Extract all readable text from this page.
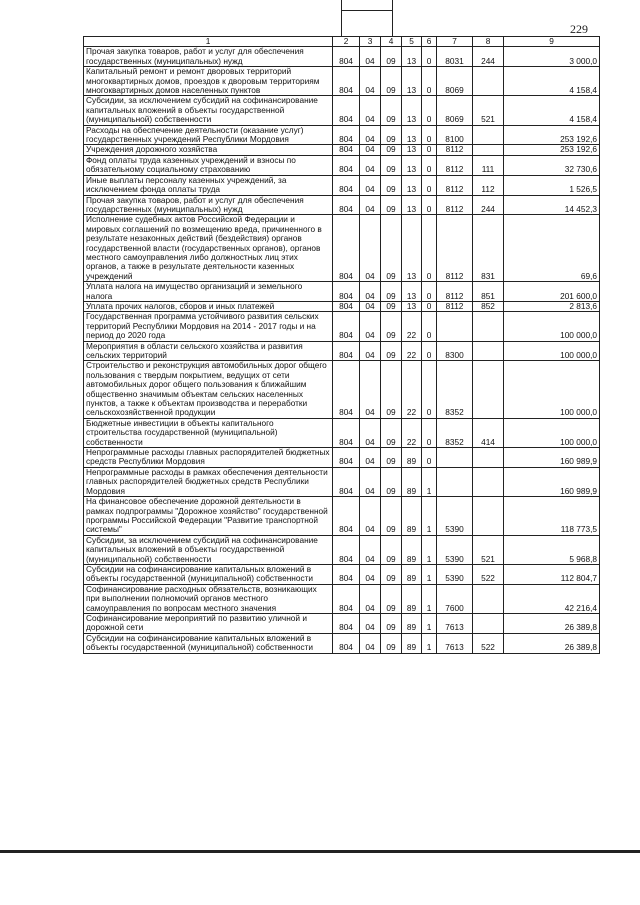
229
1	2	3	4	5	6	7	8	9
Прочая закупка товаров, работ и услуг для обеспечения государственных (муниципальных) нужд	804	04	09	13	0	8031	244	3 000,0
Капитальный ремонт и ремонт дворовых территорий многоквартирных домов, проездов к дворовым территориям многоквартирных домов населенных пунктов	804	04	09	13	0	8069		4 158,4
Субсидии, за исключением субсидий на софинансирование капитальных вложений в объекты государственной (муниципальной) собственности	804	04	09	13	0	8069	521	4 158,4
Расходы на обеспечение деятельности (оказание услуг) государственных учреждений Республики Мордовия	804	04	09	13	0	8100		253 192,6
Учреждения дорожного хозяйства	804	04	09	13	0	8112		253 192,6
Фонд оплаты труда казенных учреждений и взносы по обязательному социальному страхованию	804	04	09	13	0	8112	111	32 730,6
Иные выплаты персоналу казенных учреждений, за исключением фонда оплаты труда	804	04	09	13	0	8112	112	1 526,5
Прочая закупка товаров, работ и услуг для обеспечения государственных (муниципальных) нужд	804	04	09	13	0	8112	244	14 452,3
Исполнение судебных актов Российской Федерации и мировых соглашений по возмещению вреда, причиненного в результате незаконных действий (бездействия) органов государственной власти (государственных органов), органов местного самоуправления либо должностных лиц этих органов, а также в результате деятельности казенных учреждений	804	04	09	13	0	8112	831	69,6
Уплата налога на имущество организаций и земельного налога	804	04	09	13	0	8112	851	201 600,0
Уплата прочих налогов, сборов и иных платежей	804	04	09	13	0	8112	852	2 813,6
Государственная программа устойчивого развития сельских территорий Республики Мордовия на 2014 - 2017 годы и на период до 2020 года	804	04	09	22	0			100 000,0
Мероприятия в области сельского хозяйства и развития сельских территорий	804	04	09	22	0	8300		100 000,0
Строительство и реконструкция автомобильных дорог общего пользования с твердым покрытием, ведущих от сети автомобильных дорог общего пользования к ближайшим общественно значимым объектам сельских населенных пунктов, а также к объектам производства и переработки сельскохозяйственной продукции	804	04	09	22	0	8352		100 000,0
Бюджетные инвестиции в объекты капитального строительства государственной (муниципальной) собственности	804	04	09	22	0	8352	414	100 000,0
Непрограммные расходы главных распорядителей бюджетных средств Республики Мордовия	804	04	09	89	0			160 989,9
Непрограммные расходы в рамках обеспечения деятельности главных распорядителей бюджетных средств Республики Мордовия	804	04	09	89	1			160 989,9
На финансовое обеспечение дорожной деятельности в рамках подпрограммы "Дорожное хозяйство" государственной программы Российской Федерации "Развитие транспортной системы"	804	04	09	89	1	5390		118 773,5
Субсидии, за исключением субсидий на софинансирование капитальных вложений в объекты государственной (муниципальной) собственности	804	04	09	89	1	5390	521	5 968,8
Субсидии на софинансирование капитальных вложений в объекты государственной (муниципальной) собственности	804	04	09	89	1	5390	522	112 804,7
Софинансирование расходных обязательств, возникающих при выполнении полномочий органов местного самоуправления по вопросам местного значения	804	04	09	89	1	7600		42 216,4
Софинансирование мероприятий по развитию уличной и дорожной сети	804	04	09	89	1	7613		26 389,8
Субсидии на софинансирование капитальных вложений в объекты государственной (муниципальной) собственности	804	04	09	89	1	7613	522	26 389,8
